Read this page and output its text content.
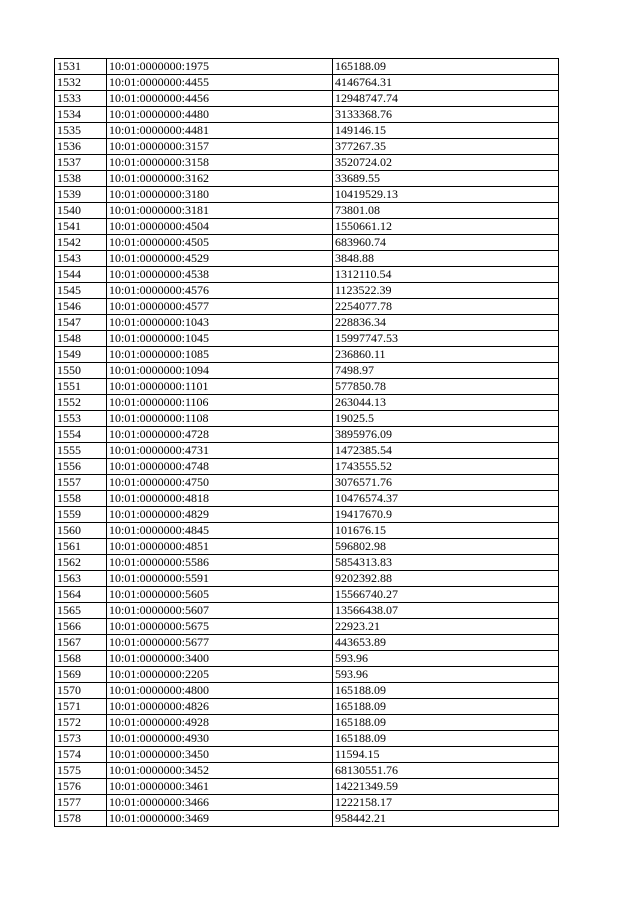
1531	10:01:0000000:1975	165188.09
1532	10:01:0000000:4455	4146764.31
1533	10:01:0000000:4456	12948747.74
1534	10:01:0000000:4480	3133368.76
1535	10:01:0000000:4481	149146.15
1536	10:01:0000000:3157	377267.35
1537	10:01:0000000:3158	3520724.02
1538	10:01:0000000:3162	33689.55
1539	10:01:0000000:3180	10419529.13
1540	10:01:0000000:3181	73801.08
1541	10:01:0000000:4504	1550661.12
1542	10:01:0000000:4505	683960.74
1543	10:01:0000000:4529	3848.88
1544	10:01:0000000:4538	1312110.54
1545	10:01:0000000:4576	1123522.39
1546	10:01:0000000:4577	2254077.78
1547	10:01:0000000:1043	228836.34
1548	10:01:0000000:1045	15997747.53
1549	10:01:0000000:1085	236860.11
1550	10:01:0000000:1094	7498.97
1551	10:01:0000000:1101	577850.78
1552	10:01:0000000:1106	263044.13
1553	10:01:0000000:1108	19025.5
1554	10:01:0000000:4728	3895976.09
1555	10:01:0000000:4731	1472385.54
1556	10:01:0000000:4748	1743555.52
1557	10:01:0000000:4750	3076571.76
1558	10:01:0000000:4818	10476574.37
1559	10:01:0000000:4829	19417670.9
1560	10:01:0000000:4845	101676.15
1561	10:01:0000000:4851	596802.98
1562	10:01:0000000:5586	5854313.83
1563	10:01:0000000:5591	9202392.88
1564	10:01:0000000:5605	15566740.27
1565	10:01:0000000:5607	13566438.07
1566	10:01:0000000:5675	22923.21
1567	10:01:0000000:5677	443653.89
1568	10:01:0000000:3400	593.96
1569	10:01:0000000:2205	593.96
1570	10:01:0000000:4800	165188.09
1571	10:01:0000000:4826	165188.09
1572	10:01:0000000:4928	165188.09
1573	10:01:0000000:4930	165188.09
1574	10:01:0000000:3450	11594.15
1575	10:01:0000000:3452	68130551.76
1576	10:01:0000000:3461	14221349.59
1577	10:01:0000000:3466	1222158.17
1578	10:01:0000000:3469	958442.21
